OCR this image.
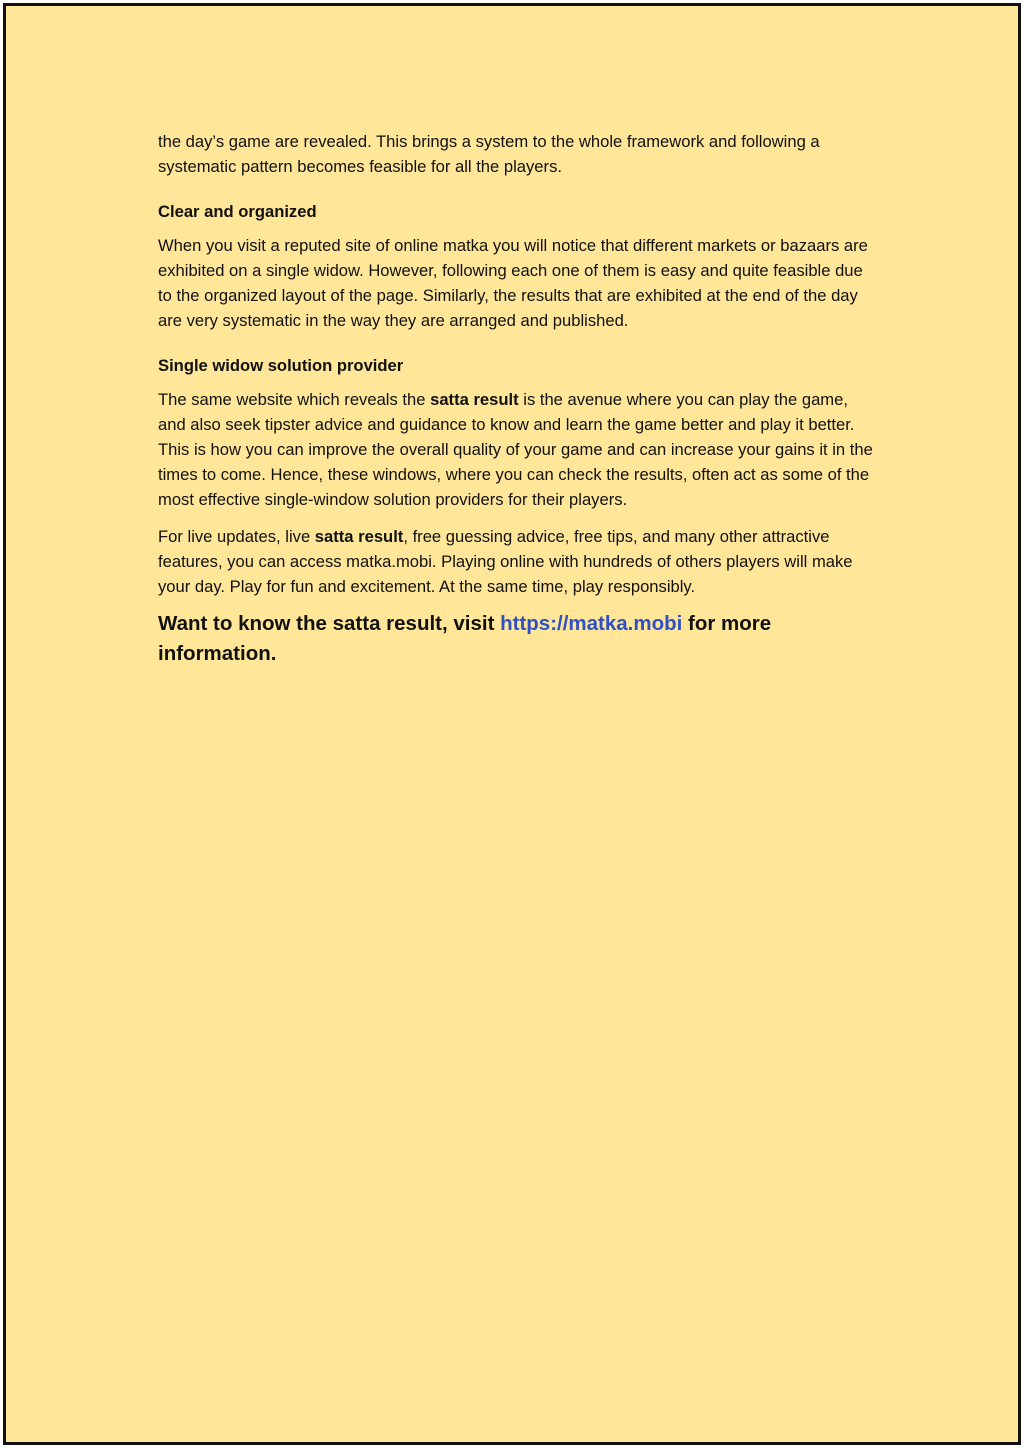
the day’s game are revealed. This brings a system to the whole framework and following a systematic pattern becomes feasible for all the players.

Clear and organized

When you visit a reputed site of online matka you will notice that different markets or bazaars are exhibited on a single widow. However, following each one of them is easy and quite feasible due to the organized layout of the page. Similarly, the results that are exhibited at the end of the day are very systematic in the way they are arranged and published.

Single widow solution provider

The same website which reveals the satta result is the avenue where you can play the game, and also seek tipster advice and guidance to know and learn the game better and play it better. This is how you can improve the overall quality of your game and can increase your gains it in the times to come. Hence, these windows, where you can check the results, often act as some of the most effective single-window solution providers for their players.

For live updates, live satta result, free guessing advice, free tips, and many other attractive features, you can access matka.mobi. Playing online with hundreds of others players will make your day. Play for fun and excitement. At the same time, play responsibly.

Want to know the satta result, visit https://matka.mobi for more information.
